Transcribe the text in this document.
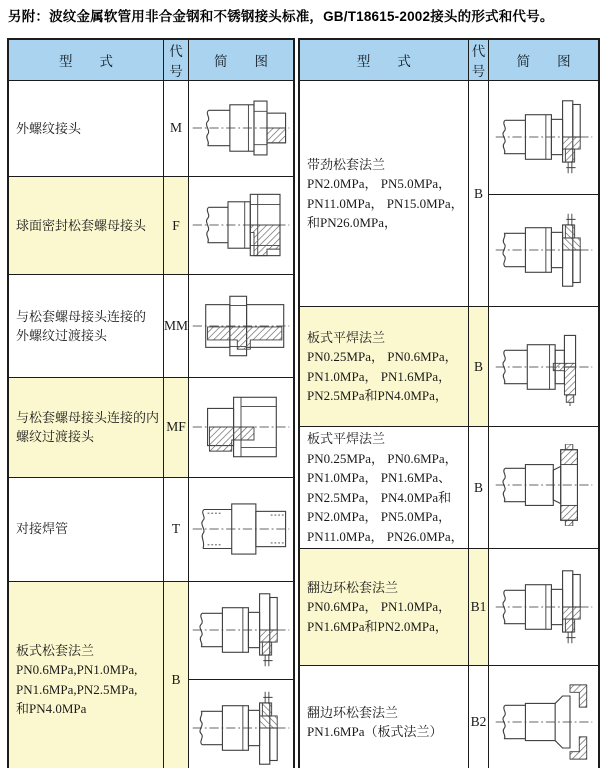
另附：波纹金属软管用非合金钢和不锈钢接头标准，GB/T18615-2002接头的形式和代号。
型　　式	代号	简　　图

外螺纹接头	M	

球面密封松套螺母接头	F	

与松套螺母接头连接的
外螺纹过渡接头	MM	

与松套螺母接头连接的内
螺纹过渡接头	MF	

对接焊管	T	

板式松套法兰
PN0.6MPa,PN1.0MPa,
PN1.6MPa,PN2.5MPa,
和PN4.0MPa	B	
型　　式	代号	简　　图

带劲松套法兰
PN2.0MPa， PN5.0MPa，
PN11.0MPa， PN15.0MPa，
和PN26.0MPa，	B	

板式平焊法兰
PN0.25MPa， PN0.6MPa，
PN1.0MPa， PN1.6MPa，
PN2.5MPa和PN4.0MPa，	B	

板式平焊法兰
PN0.25MPa， PN0.6MPa，
PN1.0MPa， PN1.6MPa、
PN2.5MPa， PN4.0MPa和
PN2.0MPa， PN5.0MPa，
PN11.0MPa， PN26.0MPa，
	B	

翻边环松套法兰
PN0.6MPa， PN1.0MPa，
PN1.6MPa和PN2.0MPa，	B1	

翻边环松套法兰
PN1.6MPa（板式法兰）	B2	
